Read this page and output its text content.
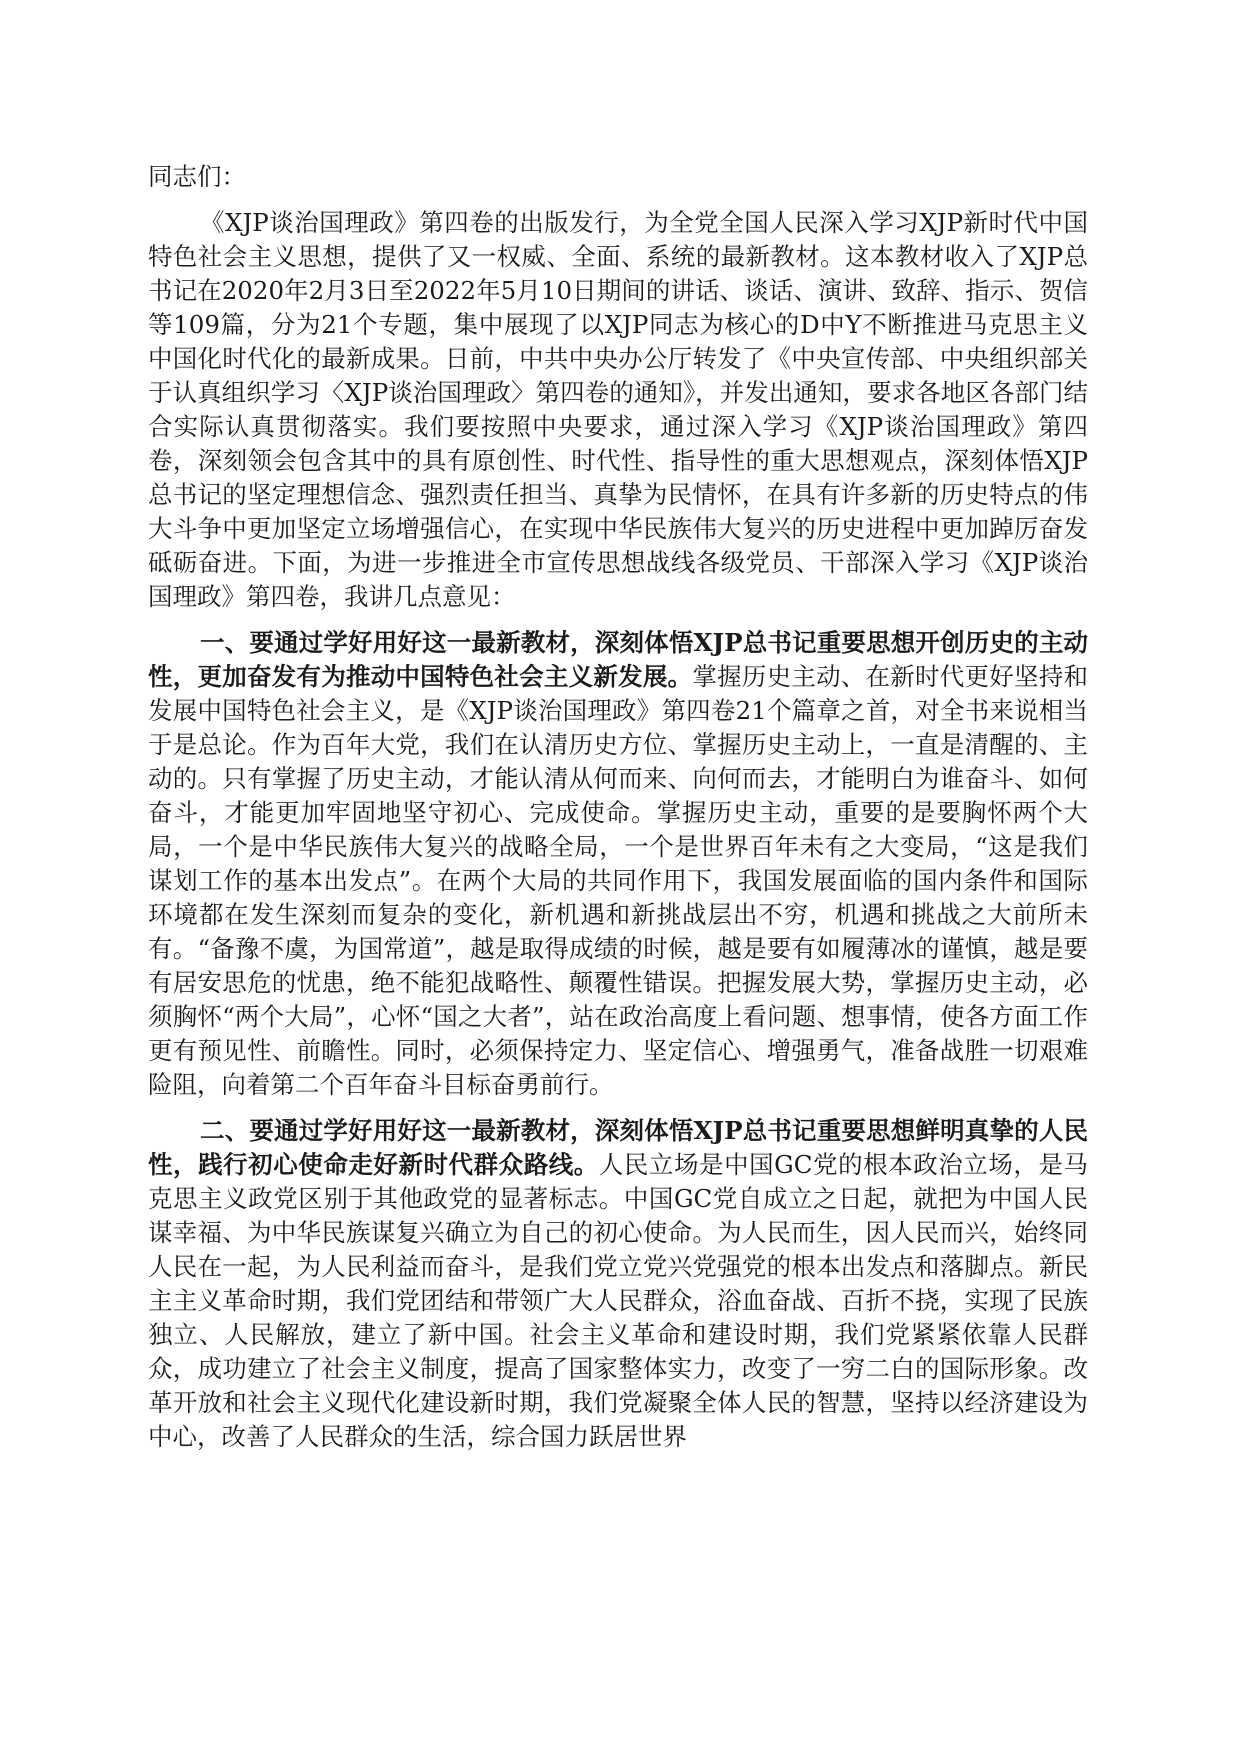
同志们：

《XJP谈治国理政》第四卷的出版发行，为全党全国人民深入学习XJP新时代中国特色社会主义思想，提供了又一权威、全面、系统的最新教材。这本教材收入了XJP总书记在2020年2月3日至2022年5月10日期间的讲话、谈话、演讲、致辞、指示、贺信等109篇，分为21个专题，集中展现了以XJP同志为核心的D中Y不断推进马克思主义中国化时代化的最新成果。日前，中共中央办公厅转发了《中央宣传部、中央组织部关于认真组织学习〈XJP谈治国理政〉第四卷的通知》，并发出通知，要求各地区各部门结合实际认真贯彻落实。我们要按照中央要求，通过深入学习《XJP谈治国理政》第四卷，深刻领会包含其中的具有原创性、时代性、指导性的重大思想观点，深刻体悟XJP总书记的坚定理想信念、强烈责任担当、真挚为民情怀，在具有许多新的历史特点的伟大斗争中更加坚定立场增强信心，在实现中华民族伟大复兴的历史进程中更加踔厉奋发砥砺奋进。下面，为进一步推进全市宣传思想战线各级党员、干部深入学习《XJP谈治国理政》第四卷，我讲几点意见：

一、要通过学好用好这一最新教材，深刻体悟XJP总书记重要思想开创历史的主动性，更加奋发有为推动中国特色社会主义新发展。掌握历史主动、在新时代更好坚持和发展中国特色社会主义，是《XJP谈治国理政》第四卷21个篇章之首，对全书来说相当于是总论。作为百年大党，我们在认清历史方位、掌握历史主动上，一直是清醒的、主动的。只有掌握了历史主动，才能认清从何而来、向何而去，才能明白为谁奋斗、如何奋斗，才能更加牢固地坚守初心、完成使命。掌握历史主动，重要的是要胸怀两个大局，一个是中华民族伟大复兴的战略全局，一个是世界百年未有之大变局，“这是我们谋划工作的基本出发点”。在两个大局的共同作用下，我国发展面临的国内条件和国际环境都在发生深刻而复杂的变化，新机遇和新挑战层出不穷，机遇和挑战之大前所未有。“备豫不虞，为国常道”，越是取得成绩的时候，越是要有如履薄冰的谨慎，越是要有居安思危的忧患，绝不能犯战略性、颠覆性错误。把握发展大势，掌握历史主动，必须胸怀“两个大局”，心怀“国之大者”，站在政治高度上看问题、想事情，使各方面工作更有预见性、前瞻性。同时，必须保持定力、坚定信心、增强勇气，准备战胜一切艰难险阻，向着第二个百年奋斗目标奋勇前行。

二、要通过学好用好这一最新教材，深刻体悟XJP总书记重要思想鲜明真挚的人民性，践行初心使命走好新时代群众路线。人民立场是中国GC党的根本政治立场，是马克思主义政党区别于其他政党的显著标志。中国GC党自成立之日起，就把为中国人民谋幸福、为中华民族谋复兴确立为自己的初心使命。为人民而生，因人民而兴，始终同人民在一起，为人民利益而奋斗，是我们党立党兴党强党的根本出发点和落脚点。新民主主义革命时期，我们党团结和带领广大人民群众，浴血奋战、百折不挠，实现了民族独立、人民解放，建立了新中国。社会主义革命和建设时期，我们党紧紧依靠人民群众，成功建立了社会主义制度，提高了国家整体实力，改变了一穷二白的国际形象。改革开放和社会主义现代化建设新时期，我们党凝聚全体人民的智慧，坚持以经济建设为中心，改善了人民群众的生活，综合国力跃居世界
